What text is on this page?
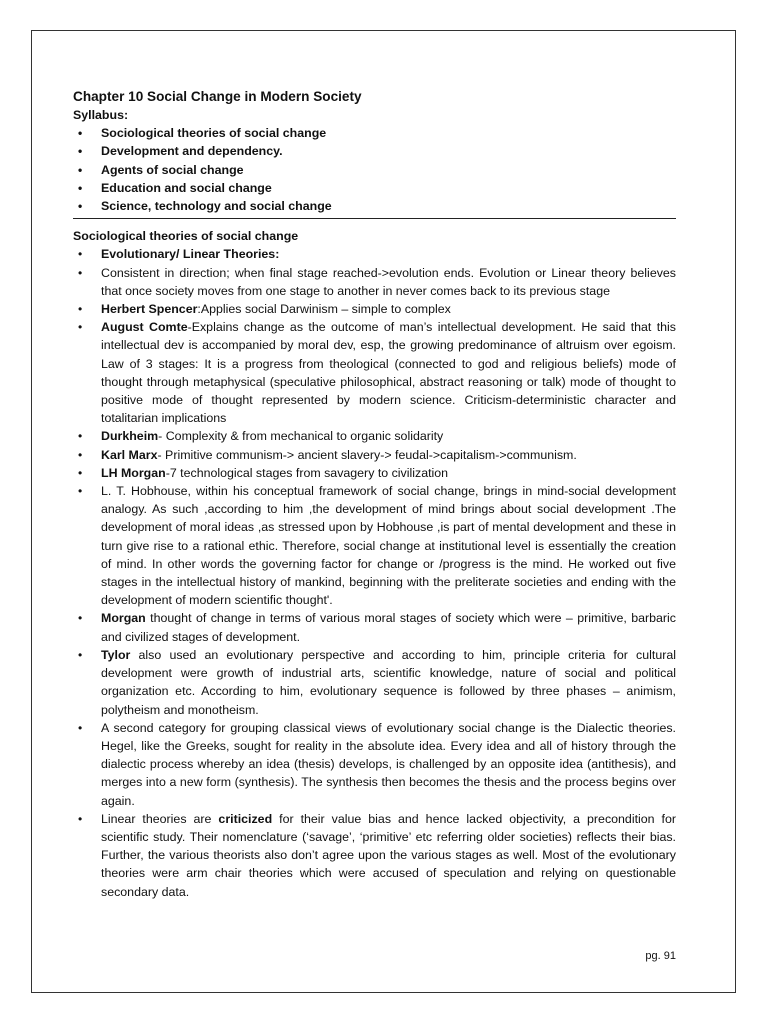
Chapter 10 Social Change in Modern Society
Syllabus:
• Sociological theories of social change
• Development and dependency.
• Agents of social change
• Education and social change
• Science, technology and social change
Sociological theories of social change
• Evolutionary/ Linear Theories:
• Consistent in direction; when final stage reached->evolution ends. Evolution or Linear theory believes that once society moves from one stage to another in never comes back to its previous stage
• Herbert Spencer:Applies social Darwinism – simple to complex
• August Comte-Explains change as the outcome of man’s intellectual development. He said that this intellectual dev is accompanied by moral dev, esp, the growing predominance of altruism over egoism. Law of 3 stages: It is a progress from theological (connected to god and religious beliefs) mode of thought through metaphysical (speculative philosophical, abstract reasoning or talk) mode of thought to positive mode of thought represented by modern science. Criticism-deterministic character and totalitarian implications
• Durkheim- Complexity & from mechanical to organic solidarity
• Karl Marx- Primitive communism-> ancient slavery-> feudal->capitalism->communism.
• LH Morgan-7 technological stages from savagery to civilization
• L. T. Hobhouse, within his conceptual framework of social change, brings in mind-social development analogy. As such ,according to him ,the development of mind brings about social development .The development of moral ideas ,as stressed upon by Hobhouse ,is part of mental development and these in turn give rise to a rational ethic. Therefore, social change at institutional level is essentially the creation of mind. In other words the governing factor for change or /progress is the mind. He worked out five stages in the intellectual history of mankind, beginning with the preliterate societies and ending with the development of modern scientific thought'.
• Morgan thought of change in terms of various moral stages of society which were – primitive, barbaric and civilized stages of development.
• Tylor also used an evolutionary perspective and according to him, principle criteria for cultural development were growth of industrial arts, scientific knowledge, nature of social and political organization etc. According to him, evolutionary sequence is followed by three phases – animism, polytheism and monotheism.
• A second category for grouping classical views of evolutionary social change is the Dialectic theories. Hegel, like the Greeks, sought for reality in the absolute idea. Every idea and all of history through the dialectic process whereby an idea (thesis) develops, is challenged by an opposite idea (antithesis), and merges into a new form (synthesis). The synthesis then becomes the thesis and the process begins over again.
• Linear theories are criticized for their value bias and hence lacked objectivity, a precondition for scientific study. Their nomenclature (‘savage’, ‘primitive’ etc referring older societies) reflects their bias. Further, the various theorists also don’t agree upon the various stages as well. Most of the evolutionary theories were arm chair theories which were accused of speculation and relying on questionable secondary data.
pg. 91
